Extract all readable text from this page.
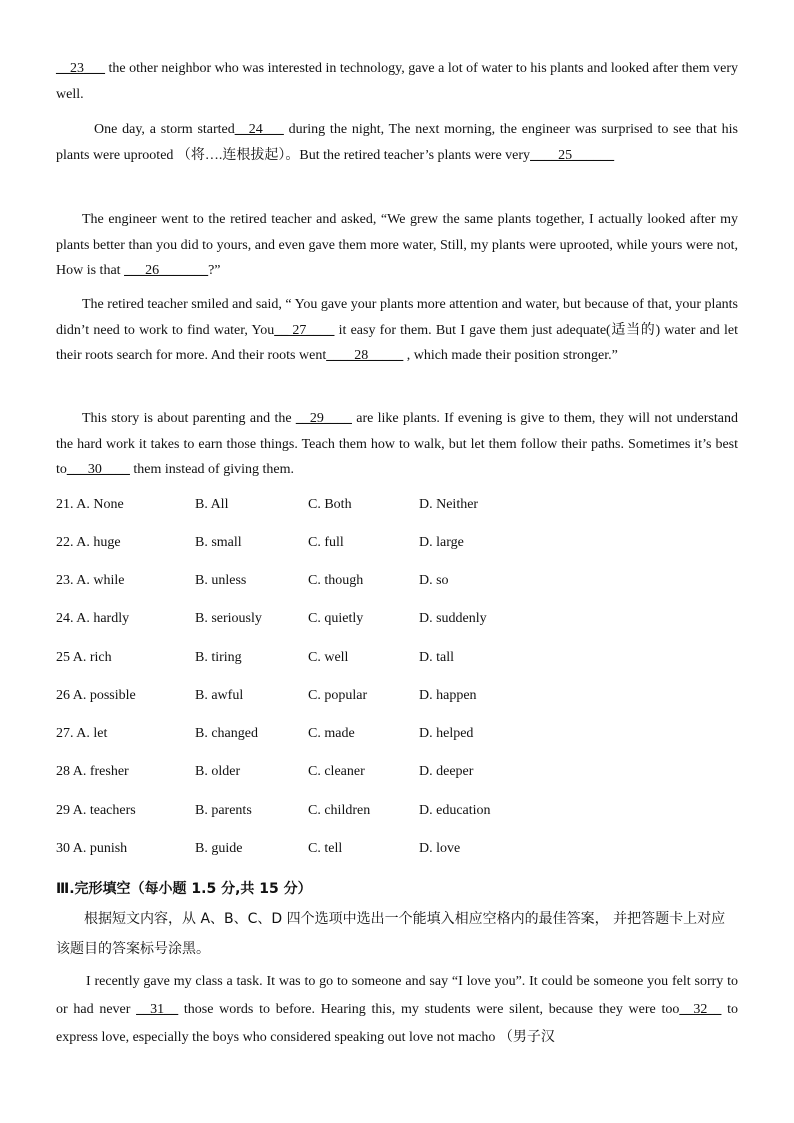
__23___ the other neighbor who was interested in technology, gave a lot of water to his plants and looked after them very well.

One day, a storm started__24___ during the night, The next morning, the engineer was surprised to see that his plants were uprooted （将….连根拔起）。But the retired teacher’s plants were very____25______

The engineer went to the retired teacher and asked, “We grew the same plants together, I actually looked after my plants better than you did to yours, and even gave them more water, Still, my plants were uprooted, while yours were not, How is that ___26_______?”

The retired teacher smiled and said, “ You gave your plants more attention and water, but because of that, your plants didn’t need to work to find water, You__ 27____ it easy for them. But I gave them just adequate(适当的) water and let their roots search for more. And their roots went____28_____ , which made their position stronger.”

This story is about parenting and the __29____ are like plants. If evening is give to them, they will not understand the hard work it takes to earn those things. Teach them how to walk, but let them follow their paths. Sometimes it’s best to___30____ them instead of giving them.

21. A. None	B. All	C. Both	D. Neither
22. A. huge	B. small	C. full	D. large
23. A. while	B. unless	C. though	D. so
24. A. hardly	B. seriously	C. quietly	D. suddenly
25 A. rich	B. tiring	C. well	D. tall
26 A. possible	B. awful	C. popular	D. happen
27. A. let	B. changed	C. made	D. helped
28 A. fresher	B. older	C. cleaner	D. deeper
29 A. teachers	B. parents	C. children	D. education
30 A. punish	B. guide	C. tell	D. love
Ⅲ.完形填空（每小题 1.5 分,共 15 分）

根据短文内容，从 A、B、C、D 四个选项中选出一个能填入相应空格内的最佳答案， 并把答题卡上对应该题目的答案标号涂黑。

I recently gave my class a task. It was to go to someone and say “I love you”. It could be someone you felt sorry to or had never __31__ those words to before. Hearing this, my students were silent, because they were too__32__ to express love, especially the boys who considered speaking out love not macho （男子汉
